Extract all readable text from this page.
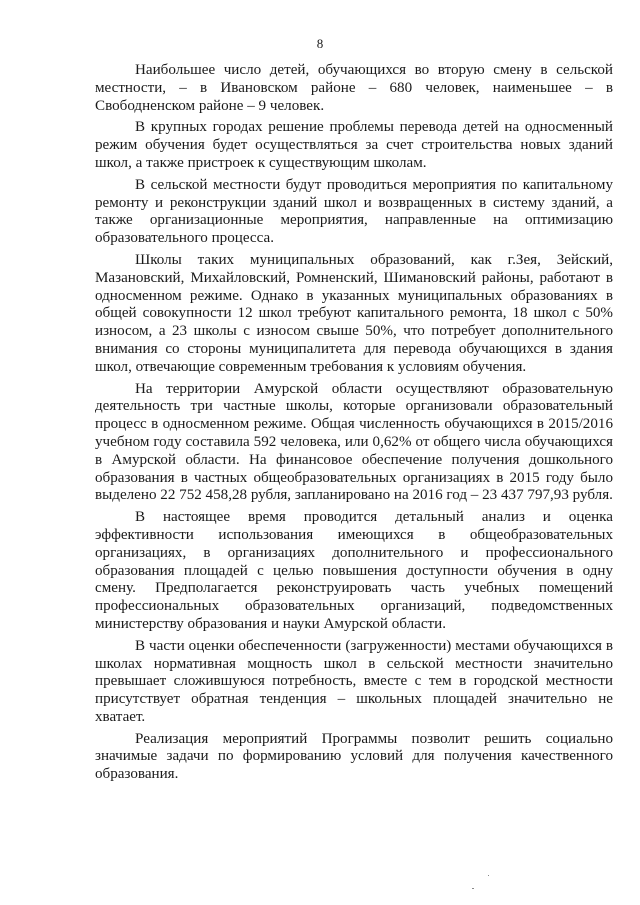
8

Наибольшее число детей, обучающихся во вторую смену в сельской местности, – в Ивановском районе – 680 человек, наименьшее – в Свободненском районе – 9 человек.

В крупных городах решение проблемы перевода детей на односменный режим обучения будет осуществляться за счет строительства новых зданий школ, а также пристроек к существующим школам.

В сельской местности будут проводиться мероприятия по капитальному ремонту и реконструкции зданий школ и возвращенных в систему зданий, а также организационные мероприятия, направленные на оптимизацию образовательного процесса.

Школы таких муниципальных образований, как г.Зея, Зейский, Мазановский, Михайловский, Ромненский, Шимановский районы, работают в односменном режиме. Однако в указанных муниципальных образованиях в общей совокупности 12 школ требуют капитального ремонта, 18 школ с 50% износом, а 23 школы с износом свыше 50%, что потребует дополнительного внимания со стороны муниципалитета для перевода обучающихся в здания школ, отвечающие современным требования к условиям обучения.

На территории Амурской области осуществляют образовательную деятельность три частные школы, которые организовали образовательный процесс в односменном режиме. Общая численность обучающихся в 2015/2016 учебном году составила 592 человека, или 0,62% от общего числа обучающихся в Амурской области. На финансовое обеспечение получения дошкольного образования в частных общеобразовательных организациях в 2015 году было выделено 22 752 458,28 рубля, запланировано на 2016 год – 23 437 797,93 рубля.

В настоящее время проводится детальный анализ и оценка эффективности использования имеющихся в общеобразовательных организациях, в организациях дополнительного и профессионального образования площадей с целью повышения доступности обучения в одну смену. Предполагается реконструировать часть учебных помещений профессиональных образовательных организаций, подведомственных министерству образования и науки Амурской области.

В части оценки обеспеченности (загруженности) местами обучающихся в школах нормативная мощность школ в сельской местности значительно превышает сложившуюся потребность, вместе с тем в городской местности присутствует обратная тенденция – школьных площадей значительно не хватает.

Реализация мероприятий Программы позволит решить социально значимые задачи по формированию условий для получения качественного образования.
